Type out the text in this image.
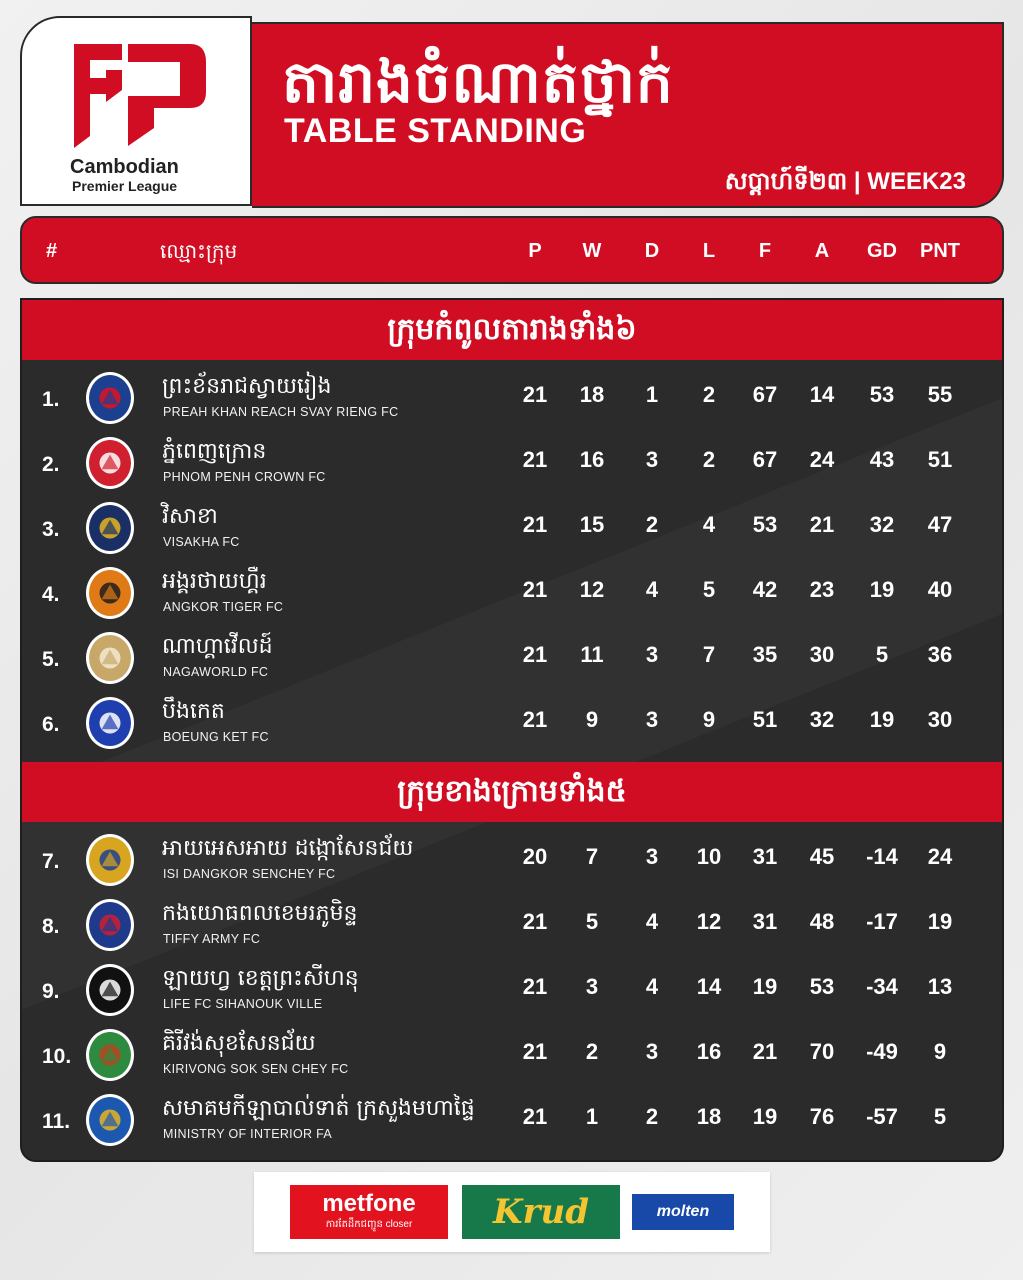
Cambodian
Premier League
តារាងចំណាត់ថ្នាក់
TABLE STANDING
សប្តាហ៍ទី២៣ | WEEK23
#	ឈ្មោះក្រុម	P W D L F A GD PNT
ក្រុមកំពូលតារាងទាំង៦
ក្រុមខាងក្រោមទាំង៥
1.
ព្រះខ័នរាជស្វាយរៀង
PREAH KHAN REACH SVAY RIENG FC
21 18 1 2 67 14 53 55
2.
ភ្នំពេញក្រោន
PHNOM PENH CROWN FC
21 16 3 2 67 24 43 51
3.
វិសាខា
VISAKHA FC
21 15 2 4 53 21 32 47
4.
អង្គរថាយហ្គឺរ
ANGKOR TIGER FC
21 12 4 5 42 23 19 40
5.
ណាហ្គាវើលដ៍
NAGAWORLD FC
21 11 3 7 35 30 5 36
6.
បឹងកេត
BOEUNG KET FC
21 9 3 9 51 32 19 30
7.
អាយអេសអាយ ដង្កោសែនជ័យ
ISI DANGKOR SENCHEY FC
20 7 3 10 31 45 -14 24
8.
កងយោធពលខេមរភូមិន្ទ
TIFFY ARMY FC
21 5 4 12 31 48 -17 19
9.
ឡាយហ្វ ខេត្តព្រះសីហនុ
LIFE FC SIHANOUK VILLE
21 3 4 14 19 53 -34 13
10.
គិរីវង់សុខសែនជ័យ
KIRIVONG SOK SEN CHEY FC
21 2 3 16 21 70 -49 9
11.
សមាគមកីឡាបាល់ទាត់ ក្រសួងមហាផ្ទៃ
MINISTRY OF INTERIOR FA
21 1 2 18 19 76 -57 5
metfone
ការតែដឹកជញ្ជូន closer	Krud	molten
